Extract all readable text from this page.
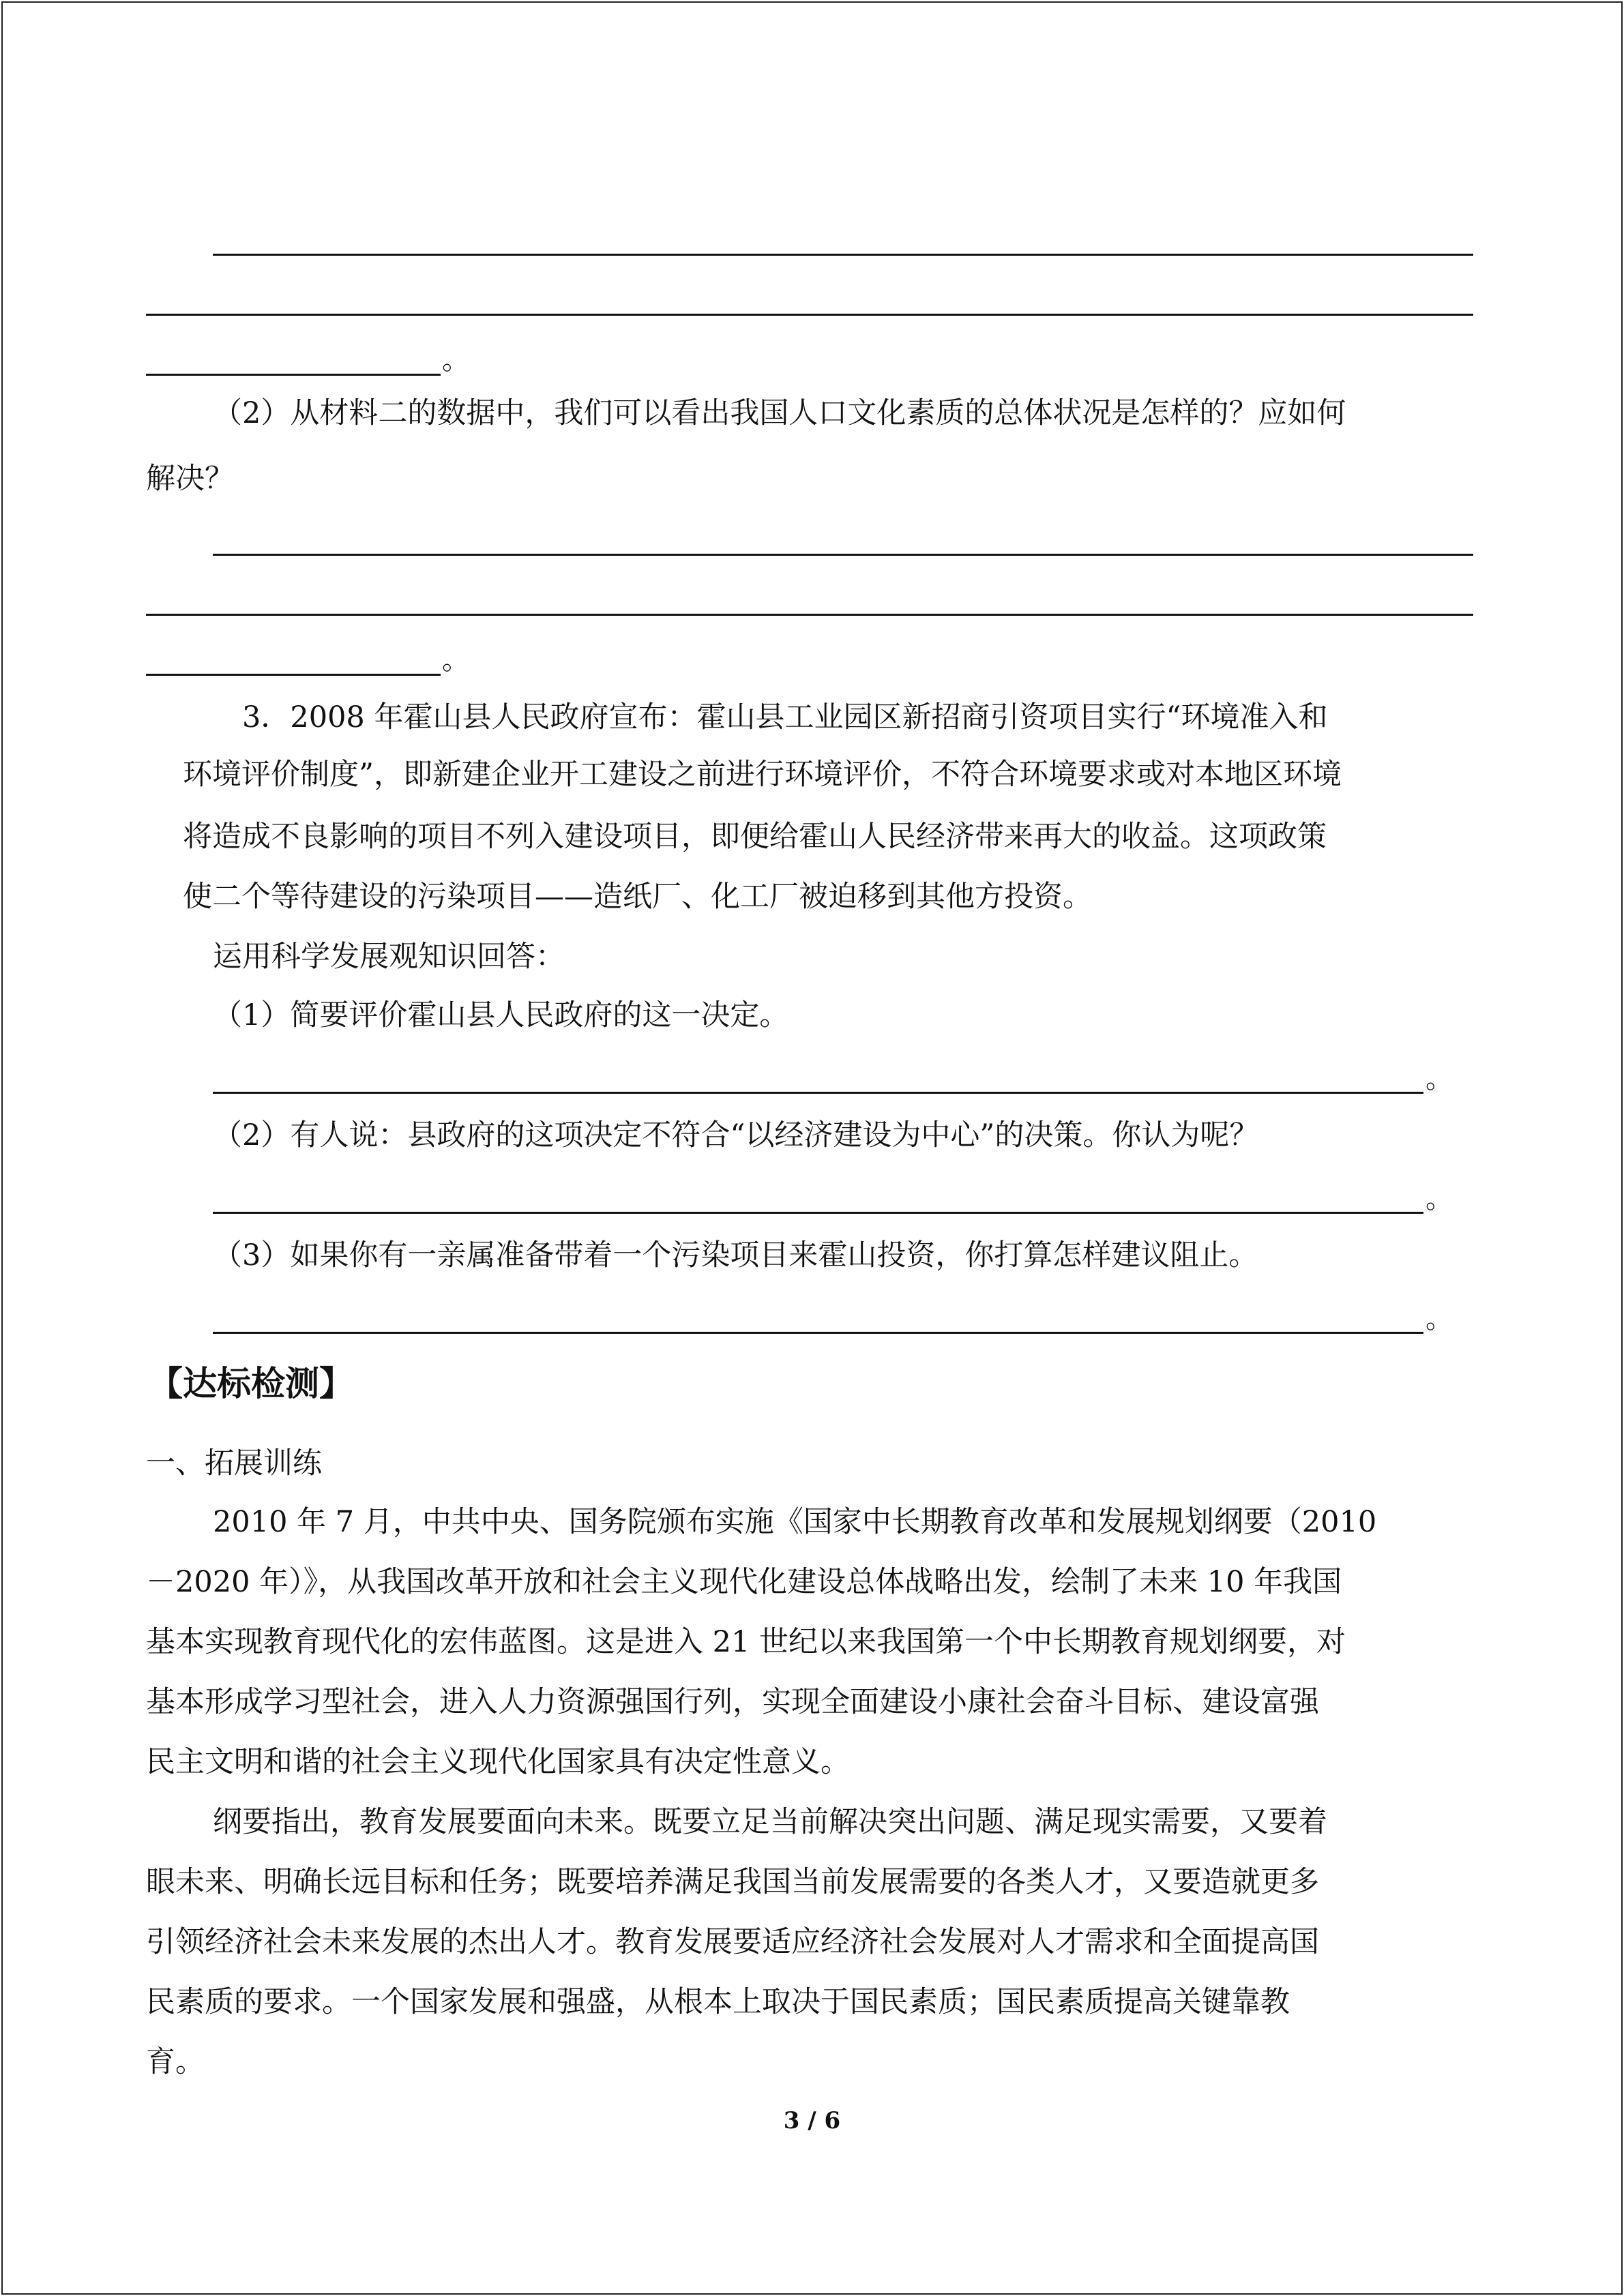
。
（2）从材料二的数据中，我们可以看出我国人口文化素质的总体状况是怎样的？应如何
解决？
。
3．2008 年霍山县人民政府宣布：霍山县工业园区新招商引资项目实行“环境准入和
环境评价制度”，即新建企业开工建设之前进行环境评价，不符合环境要求或对本地区环境
将造成不良影响的项目不列入建设项目，即便给霍山人民经济带来再大的收益。这项政策
使二个等待建设的污染项目——造纸厂、化工厂被迫移到其他方投资。
运用科学发展观知识回答：
（1）简要评价霍山县人民政府的这一决定。
。
（2）有人说：县政府的这项决定不符合“以经济建设为中心”的决策。你认为呢？
。
（3）如果你有一亲属准备带着一个污染项目来霍山投资，你打算怎样建议阻止。
。
【达标检测】
一、拓展训练
2010 年 7 月，中共中央、国务院颁布实施《国家中长期教育改革和发展规划纲要（2010
－2020 年）》，从我国改革开放和社会主义现代化建设总体战略出发，绘制了未来 10 年我国
基本实现教育现代化的宏伟蓝图。这是进入 21 世纪以来我国第一个中长期教育规划纲要，对
基本形成学习型社会，进入人力资源强国行列，实现全面建设小康社会奋斗目标、建设富强
民主文明和谐的社会主义现代化国家具有决定性意义。
纲要指出，教育发展要面向未来。既要立足当前解决突出问题、满足现实需要，又要着
眼未来、明确长远目标和任务；既要培养满足我国当前发展需要的各类人才，又要造就更多
引领经济社会未来发展的杰出人才。教育发展要适应经济社会发展对人才需求和全面提高国
民素质的要求。一个国家发展和强盛，从根本上取决于国民素质；国民素质提高关键靠教
育。
3 / 6
